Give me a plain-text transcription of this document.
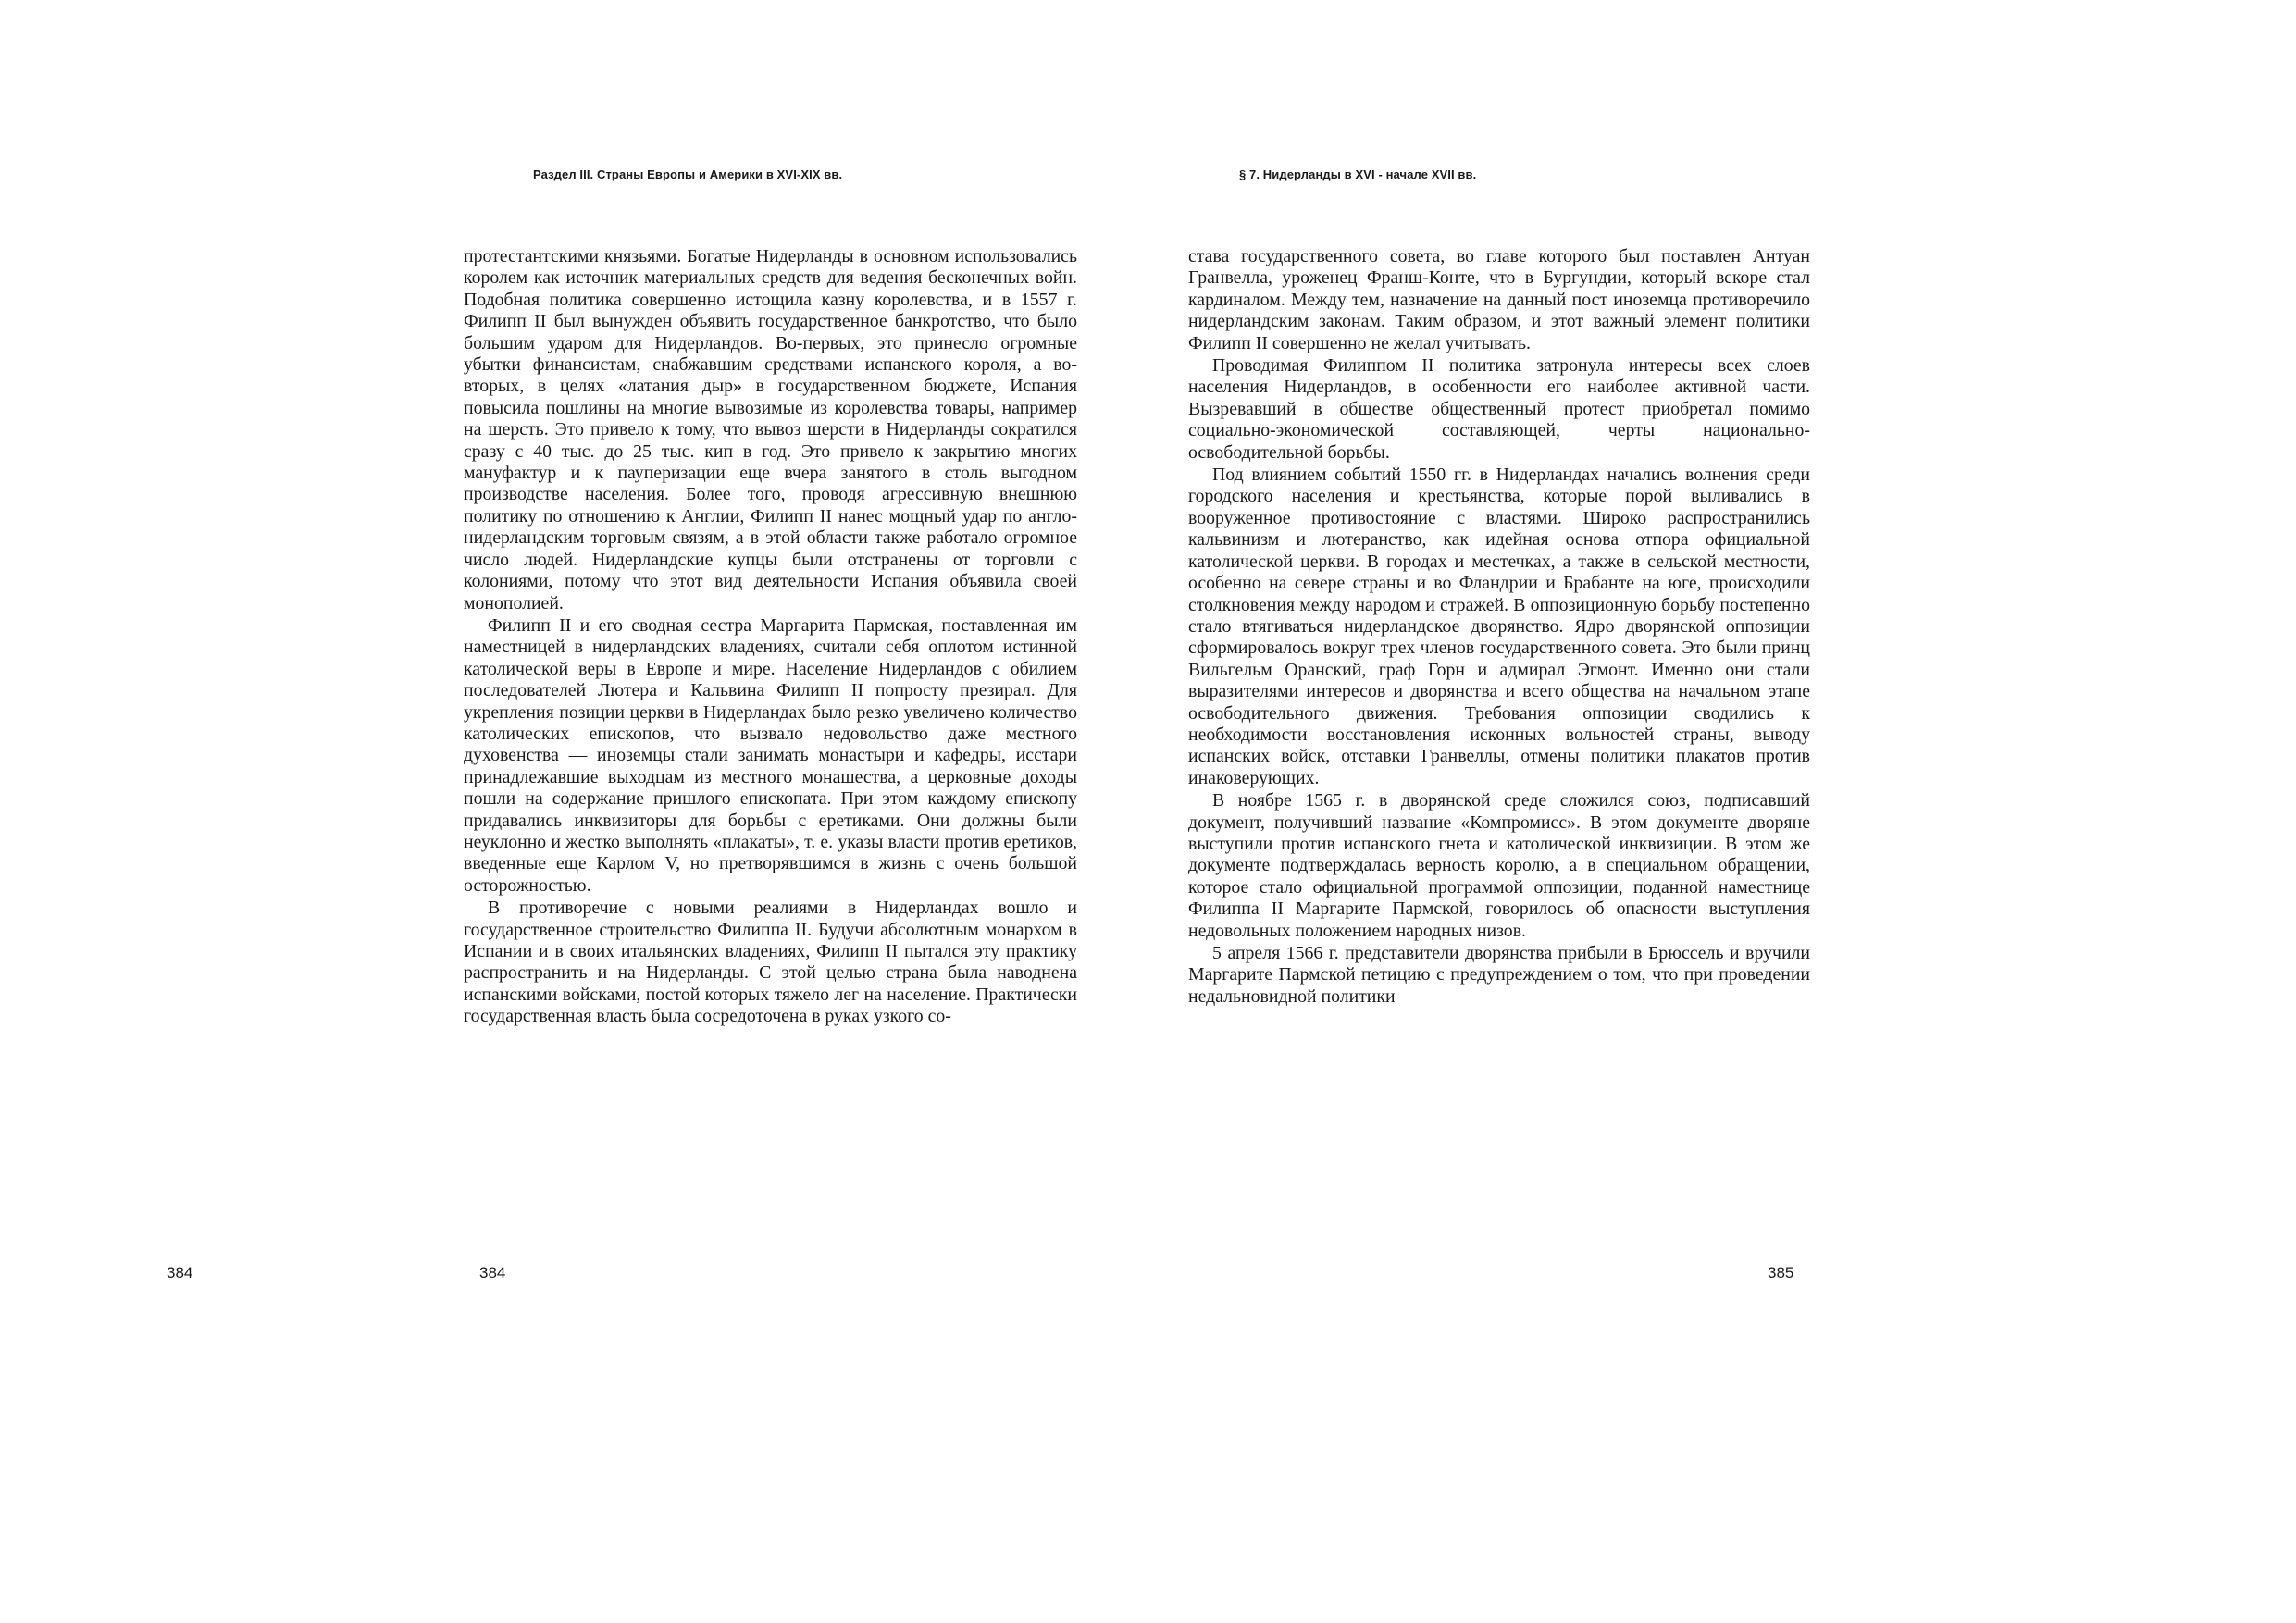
Раздел III. Страны Европы и Америки в XVI-XIX вв.	§ 7. Нидерланды в XVI - начале XVII вв.

протестантскими князьями. Богатые Нидерланды в основном использовались королем как источник материальных средств для ведения бесконечных войн. Подобная политика совершенно истощила казну королевства, и в 1557 г. Филипп II был вынужден объявить государственное банкротство, что было большим ударом для Нидерландов. Во-первых, это принесло огромные убытки финансистам, снабжавшим средствами испанского короля, а во-вторых, в целях «латания дыр» в государственном бюджете, Испания повысила пошлины на многие вывозимые из королевства товары, например на шерсть. Это привело к тому, что вывоз шерсти в Нидерланды сократился сразу с 40 тыс. до 25 тыс. кип в год. Это привело к закрытию многих мануфактур и к пауперизации еще вчера занятого в столь выгодном производстве населения. Более того, проводя агрессивную внешнюю политику по отношению к Англии, Филипп II нанес мощный удар по англо-нидерландским торговым связям, а в этой области также работало огромное число людей. Нидерландские купцы были отстранены от торговли с колониями, потому что этот вид деятельности Испания объявила своей монополией.

Филипп II и его сводная сестра Маргарита Пармская, поставленная им наместницей в нидерландских владениях, считали себя оплотом истинной католической веры в Европе и мире. Население Нидерландов с обилием последователей Лютера и Кальвина Филипп II попросту презирал. Для укрепления позиции церкви в Нидерландах было резко увеличено количество католических епископов, что вызвало недовольство даже местного духовенства — иноземцы стали занимать монастыри и кафедры, исстари принадлежавшие выходцам из местного монашества, а церковные доходы пошли на содержание пришлого епископата. При этом каждому епископу придавались инквизиторы для борьбы с еретиками. Они должны были неуклонно и жестко выполнять «плакаты», т. е. указы власти против еретиков, введенные еще Карлом V, но претворявшимся в жизнь с очень большой осторожностью.

В противоречие с новыми реалиями в Нидерландах вошло и государственное строительство Филиппа II. Будучи абсолютным монархом в Испании и в своих итальянских владениях, Филипп II пытался эту практику распространить и на Нидерланды. С этой целью страна была наводнена испанскими войсками, постой которых тяжело лег на население. Практически государственная власть была сосредоточена в руках узкого со-

става государственного совета, во главе которого был поставлен Антуан Гранвелла, уроженец Франш-Конте, что в Бургундии, который вскоре стал кардиналом. Между тем, назначение на данный пост иноземца противоречило нидерландским законам. Таким образом, и этот важный элемент политики Филипп II совершенно не желал учитывать.

Проводимая Филиппом II политика затронула интересы всех слоев населения Нидерландов, в особенности его наиболее активной части. Вызревавший в обществе общественный протест приобретал помимо социально-экономической составляющей, черты национально-освободительной борьбы.

Под влиянием событий 1550 гг. в Нидерландах начались волнения среди городского населения и крестьянства, которые порой выливались в вооруженное противостояние с властями. Широко распространились кальвинизм и лютеранство, как идейная основа отпора официальной католической церкви. В городах и местечках, а также в сельской местности, особенно на севере страны и во Фландрии и Брабанте на юге, происходили столкновения между народом и стражей. В оппозиционную борьбу постепенно стало втягиваться нидерландское дворянство. Ядро дворянской оппозиции сформировалось вокруг трех членов государственного совета. Это были принц Вильгельм Оранский, граф Горн и адмирал Эгмонт. Именно они стали выразителями интересов и дворянства и всего общества на начальном этапе освободительного движения. Требования оппозиции сводились к необходимости восстановления исконных вольностей страны, выводу испанских войск, отставки Гранвеллы, отмены политики плакатов против инаковерующих.

В ноябре 1565 г. в дворянской среде сложился союз, подписавший документ, получивший название «Компромисс». В этом документе дворяне выступили против испанского гнета и католической инквизиции. В этом же документе подтверждалась верность королю, а в специальном обращении, которое стало официальной программой оппозиции, поданной наместнице Филиппа II Маргарите Пармской, говорилось об опасности выступления недовольных положением народных низов.

5 апреля 1566 г. представители дворянства прибыли в Брюссель и вручили Маргарите Пармской петицию с предупреждением о том, что при проведении недальновидной политики

384	384	385
